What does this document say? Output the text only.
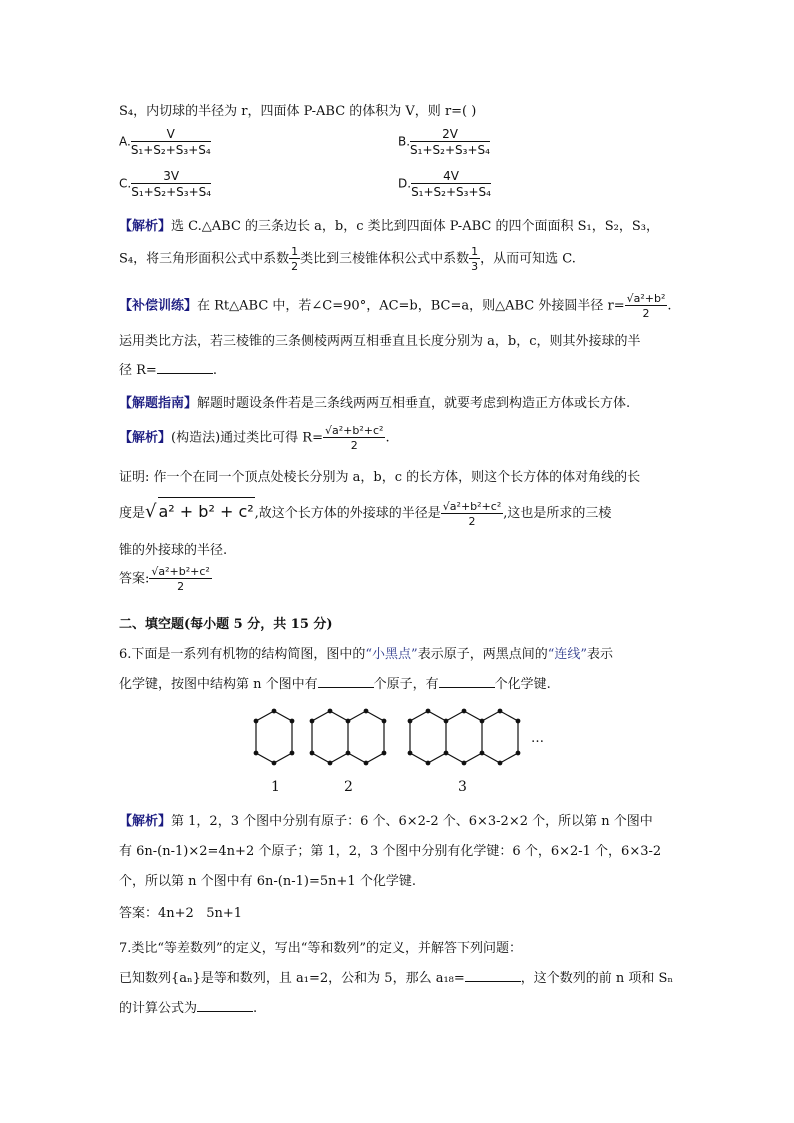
S₄，内切球的半径为 r，四面体 P-ABC 的体积为 V，则 r=( )
A. $\frac{V}{\text{S₁+S₂+S₃+S₄}}$	B. $\frac{2V}{\text{S₁+S₂+S₃+S₄}}$
C. $\frac{3V}{\text{S₁+S₂+S₃+S₄}}$	D. $\frac{4V}{\text{S₁+S₂+S₃+S₄}}$
【解析】选 C.△ABC 的三条边长 a，b，c 类比到四面体 P-ABC 的四个面面积 S₁，S₂，S₃，
S₄，将三角形面积公式中系数 $\frac{1}{2}$ 类比到三棱锥体积公式中系数 $\frac{1}{3}$ ，从而可知选 C.
【补偿训练】在 Rt△ABC 中，若∠C=90°，AC=b，BC=a，则△ABC 外接圆半径 $r= \frac{\text{√a²+b²}}{2}$ .
运用类比方法，若三棱锥的三条侧棱两两互相垂直且长度分别为 a，b，c，则其外接球的半
径 R=	.
【解题指南】解题时题设条件若是三条线两两互相垂直，就要考虑到构造正方体或长方体.
【解析】(构造法)通过类比可得 $R= \frac{\text{√a²+b²+c²}}{2}$ .
证明: 作一个在同一个顶点处棱长分别为 a，b，c 的长方体，则这个长方体的体对角线的长
度是√ a² + b² + c²,故这个长方体的外接球的半径是 $\frac{\text{√a²+b²+c²}}{2}$ ,这也是所求的三棱
锥的外接球的半径.
答案: $\frac{\text{√a²+b²+c²}}{2}$
二、填空题(每小题 5 分，共 15 分)
6.下面是一系列有机物的结构简图，图中的“小黑点”表示原子，两黑点间的“连线”表示
化学键，按图中结构第 n 个图中有	个原子，有	个化学键.
…
1	2	3
【解析】第 1，2，3 个图中分别有原子：6 个、6×2-2 个、6×3-2×2 个，所以第 n 个图中
有 6n-(n-1)×2=4n+2 个原子；第 1，2，3 个图中分别有化学键：6 个，6×2-1 个，6×3-2
个，所以第 n 个图中有 6n-(n-1)=5n+1 个化学键.
答案：4n+2   5n+1
7.类比“等差数列”的定义，写出“等和数列”的定义，并解答下列问题：
已知数列{aₙ}是等和数列，且 a₁=2，公和为 5，那么 a₁₈=	，这个数列的前 n 项和 Sₙ
的计算公式为	.
